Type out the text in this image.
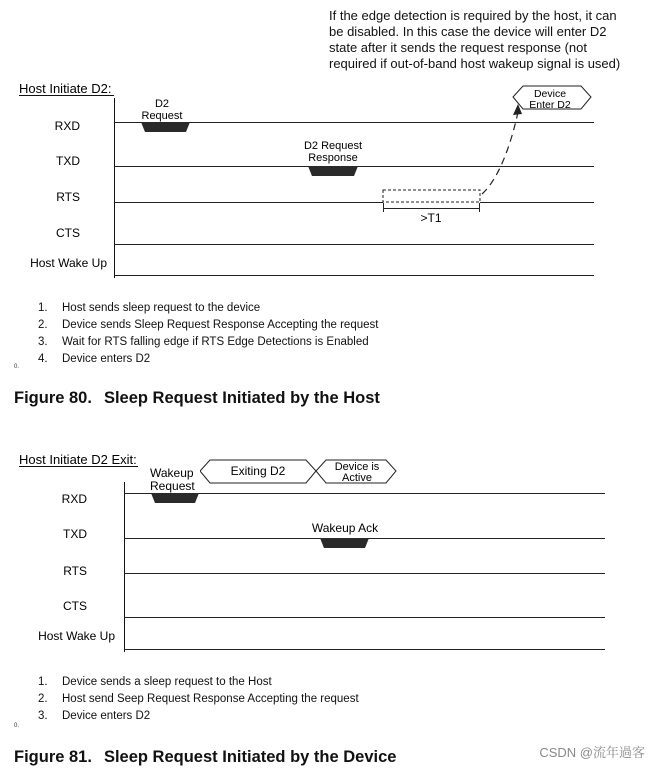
If the edge detection is required by the host, it can be disabled. In this case the device will enter D2 state after it sends the request response (not required if out-of-band host wakeup signal is used)
Host Initiate D2:
RXD
TXD
RTS
CTS
Host Wake Up
D2
Request
D2 Request
Response
>T1
Device
Enter D2
Host Initiate D2 Exit:
RXD
TXD
RTS
CTS
Host Wake Up
Exiting D2	Device is
Active
Wakeup
Request
Wakeup Ack
1. Host sends sleep request to the device
2. Device sends Sleep Request Response Accepting the request
3. Wait for RTS falling edge if RTS Edge Detections is Enabled
4. Device enters D2
0.
Figure 80. Sleep Request Initiated by the Host
1. Device sends a sleep request to the Host
2. Host send Seep Request Response Accepting the request
3. Device enters D2
0.
Figure 81. Sleep Request Initiated by the Device	CSDN @流年過客
